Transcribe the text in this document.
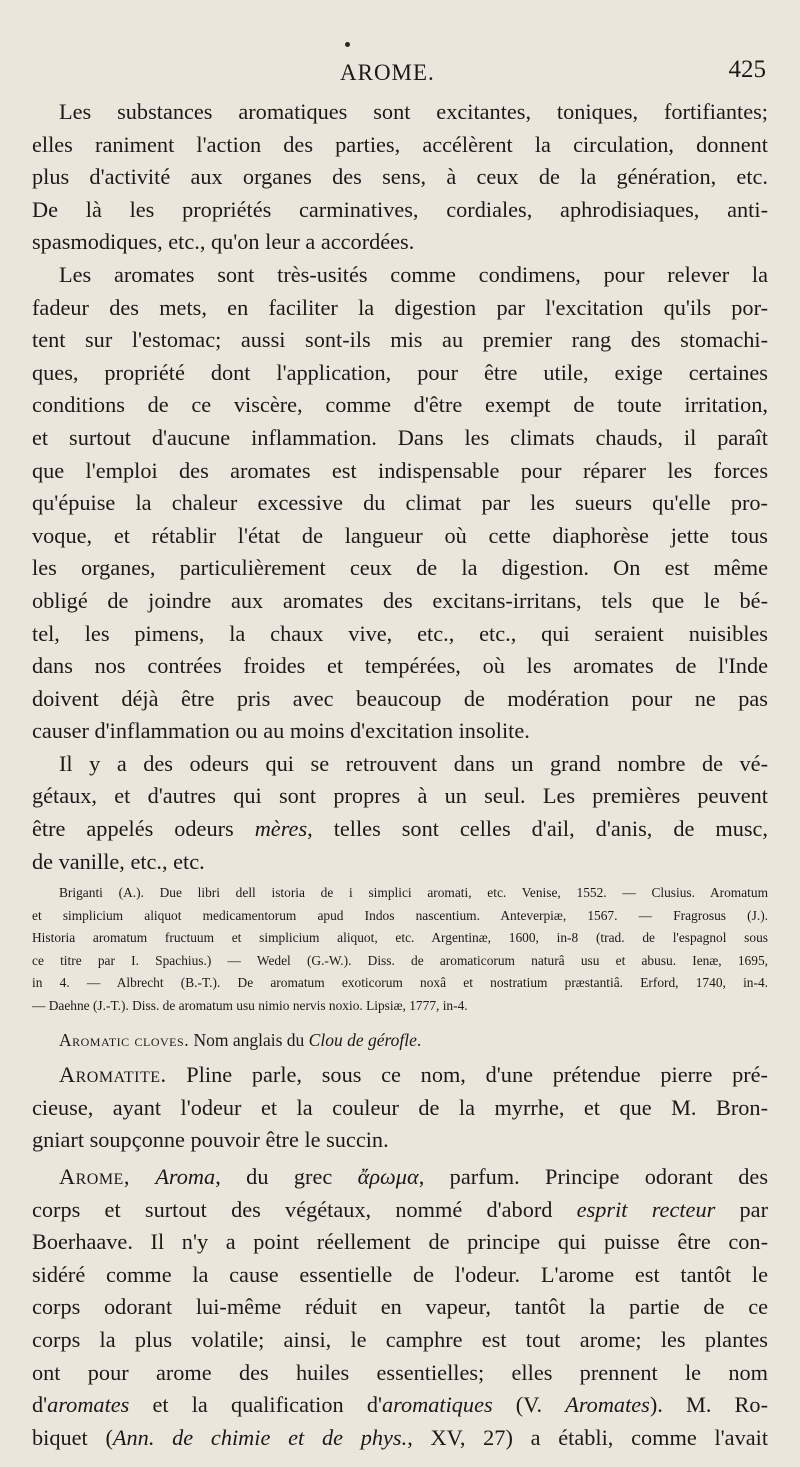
AROME.	425
Les substances aromatiques sont excitantes, toniques, fortifiantes;
elles raniment l'action des parties, accélèrent la circulation, donnent
plus d'activité aux organes des sens, à ceux de la génération, etc.
De là les propriétés carminatives, cordiales, aphrodisiaques, anti-
spasmodiques, etc., qu'on leur a accordées.
Les aromates sont très-usités comme condimens, pour relever la
fadeur des mets, en faciliter la digestion par l'excitation qu'ils por-
tent sur l'estomac; aussi sont-ils mis au premier rang des stomachi-
ques, propriété dont l'application, pour être utile, exige certaines
conditions de ce viscère, comme d'être exempt de toute irritation,
et surtout d'aucune inflammation. Dans les climats chauds, il paraît
que l'emploi des aromates est indispensable pour réparer les forces
qu'épuise la chaleur excessive du climat par les sueurs qu'elle pro-
voque, et rétablir l'état de langueur où cette diaphorèse jette tous
les organes, particulièrement ceux de la digestion. On est même
obligé de joindre aux aromates des excitans-irritans, tels que le bé-
tel, les pimens, la chaux vive, etc., etc., qui seraient nuisibles
dans nos contrées froides et tempérées, où les aromates de l'Inde
doivent déjà être pris avec beaucoup de modération pour ne pas
causer d'inflammation ou au moins d'excitation insolite.
Il y a des odeurs qui se retrouvent dans un grand nombre de vé-
gétaux, et d'autres qui sont propres à un seul. Les premières peuvent
être appelés odeurs mères, telles sont celles d'ail, d'anis, de musc,
de vanille, etc., etc.
Briganti (A.). Due libri dell istoria de i simplici aromati, etc. Venise, 1552. — Clusius. Aromatum
et simplicium aliquot medicamentorum apud Indos nascentium. Anteverpiæ, 1567. — Fragrosus (J.).
Historia aromatum fructuum et simplicium aliquot, etc. Argentinæ, 1600, in-8 (trad. de l'espagnol sous
ce titre par I. Spachius.) — Wedel (G.-W.). Diss. de aromaticorum naturâ usu et abusu. Ienæ, 1695,
in 4. — Albrecht (B.-T.). De aromatum exoticorum noxâ et nostratium præstantiâ. Erford, 1740, in-4.
— Daehne (J.-T.). Diss. de aromatum usu nimio nervis noxio. Lipsiæ, 1777, in-4.
Aromatic cloves. Nom anglais du Clou de gérofle.
Aromatite. Pline parle, sous ce nom, d'une prétendue pierre pré-
cieuse, ayant l'odeur et la couleur de la myrrhe, et que M. Bron-
gniart soupçonne pouvoir être le succin.
Arome, Aroma, du grec ἄρωμα, parfum. Principe odorant des
corps et surtout des végétaux, nommé d'abord esprit recteur par
Boerhaave. Il n'y a point réellement de principe qui puisse être con-
sidéré comme la cause essentielle de l'odeur. L'arome est tantôt le
corps odorant lui-même réduit en vapeur, tantôt la partie de ce
corps la plus volatile; ainsi, le camphre est tout arome; les plantes
ont pour arome des huiles essentielles; elles prennent le nom
d'aromates et la qualification d'aromatiques (V. Aromates). M. Ro-
biquet (Ann. de chimie et de phys., XV, 27) a établi, comme l'avait
